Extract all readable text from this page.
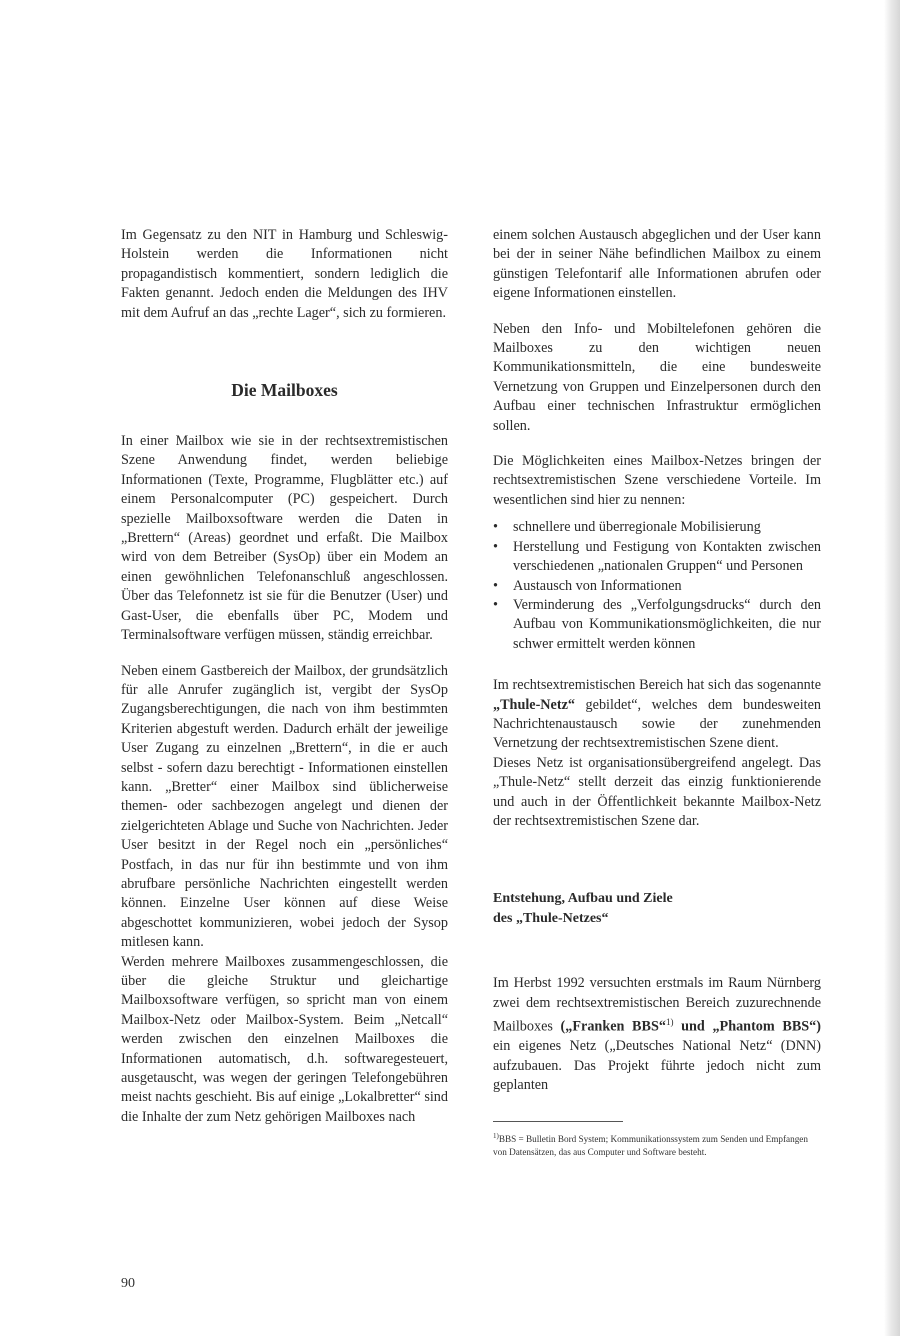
Im Gegensatz zu den NIT in Hamburg und Schleswig-Holstein werden die Informationen nicht propagandistisch kommentiert, sondern lediglich die Fakten genannt. Jedoch enden die Meldungen des IHV mit dem Aufruf an das „rechte Lager“, sich zu formieren.

Die Mailboxes

In einer Mailbox wie sie in der rechtsextremistischen Szene Anwendung findet, werden beliebige Informationen (Texte, Programme, Flugblätter etc.) auf einem Personalcomputer (PC) gespeichert. Durch spezielle Mailboxsoftware werden die Daten in „Brettern“ (Areas) geordnet und erfaßt. Die Mailbox wird von dem Betreiber (SysOp) über ein Modem an einen gewöhnlichen Telefonanschluß angeschlossen. Über das Telefonnetz ist sie für die Benutzer (User) und Gast-User, die ebenfalls über PC, Modem und Terminalsoftware verfügen müssen, ständig erreichbar.

Neben einem Gastbereich der Mailbox, der grundsätzlich für alle Anrufer zugänglich ist, vergibt der SysOp Zugangsberechtigungen, die nach von ihm bestimmten Kriterien abgestuft werden. Dadurch erhält der jeweilige User Zugang zu einzelnen „Brettern“, in die er auch selbst - sofern dazu berechtigt - Informationen einstellen kann. „Bretter“ einer Mailbox sind üblicherweise themen- oder sachbezogen angelegt und dienen der zielgerichteten Ablage und Suche von Nachrichten. Jeder User besitzt in der Regel noch ein „persönliches“ Postfach, in das nur für ihn bestimmte und von ihm abrufbare persönliche Nachrichten eingestellt werden können. Einzelne User können auf diese Weise abgeschottet kommunizieren, wobei jedoch der Sysop mitlesen kann.

Werden mehrere Mailboxes zusammengeschlossen, die über die gleiche Struktur und gleichartige Mailboxsoftware verfügen, so spricht man von einem Mailbox-Netz oder Mailbox-System. Beim „Netcall“ werden zwischen den einzelnen Mailboxes die Informationen automatisch, d.h. softwaregesteuert, ausgetauscht, was wegen der geringen Telefongebühren meist nachts geschieht. Bis auf einige „Lokalbretter“ sind die Inhalte der zum Netz gehörigen Mailboxes nach

einem solchen Austausch abgeglichen und der User kann bei der in seiner Nähe befindlichen Mailbox zu einem günstigen Telefontarif alle Informationen abrufen oder eigene Informationen einstellen.

Neben den Info- und Mobiltelefonen gehören die Mailboxes zu den wichtigen neuen Kommunikationsmitteln, die eine bundesweite Vernetzung von Gruppen und Einzelpersonen durch den Aufbau einer technischen Infrastruktur ermöglichen sollen.

Die Möglichkeiten eines Mailbox-Netzes bringen der rechtsextremistischen Szene verschiedene Vorteile. Im wesentlichen sind hier zu nennen:

• schnellere und überregionale Mobilisierung
• Herstellung und Festigung von Kontakten zwischen verschiedenen „nationalen Gruppen“ und Personen
• Austausch von Informationen
• Verminderung des „Verfolgungsdrucks“ durch den Aufbau von Kommunikationsmöglichkeiten, die nur schwer ermittelt werden können

Im rechtsextremistischen Bereich hat sich das sogenannte „Thule-Netz“ gebildet“, welches dem bundesweiten Nachrichtenaustausch sowie der zunehmenden Vernetzung der rechtsextremistischen Szene dient.

Dieses Netz ist organisationsübergreifend angelegt. Das „Thule-Netz“ stellt derzeit das einzig funktionierende und auch in der Öffentlichkeit bekannte Mailbox-Netz der rechtsextremistischen Szene dar.

Entstehung, Aufbau und Ziele
des „Thule-Netzes“

Im Herbst 1992 versuchten erstmals im Raum Nürnberg zwei dem rechtsextremistischen Bereich zuzurechnende Mailboxes („Franken BBS“$^{1)}$ und „Phantom BBS“) ein eigenes Netz („Deutsches National Netz“ (DNN) aufzubauen. Das Projekt führte jedoch nicht zum geplanten

$^{1)}$BBS = Bulletin Bord System; Kommunikationssystem zum Senden und Empfangen von Datensätzen, das aus Computer und Software besteht.
90
